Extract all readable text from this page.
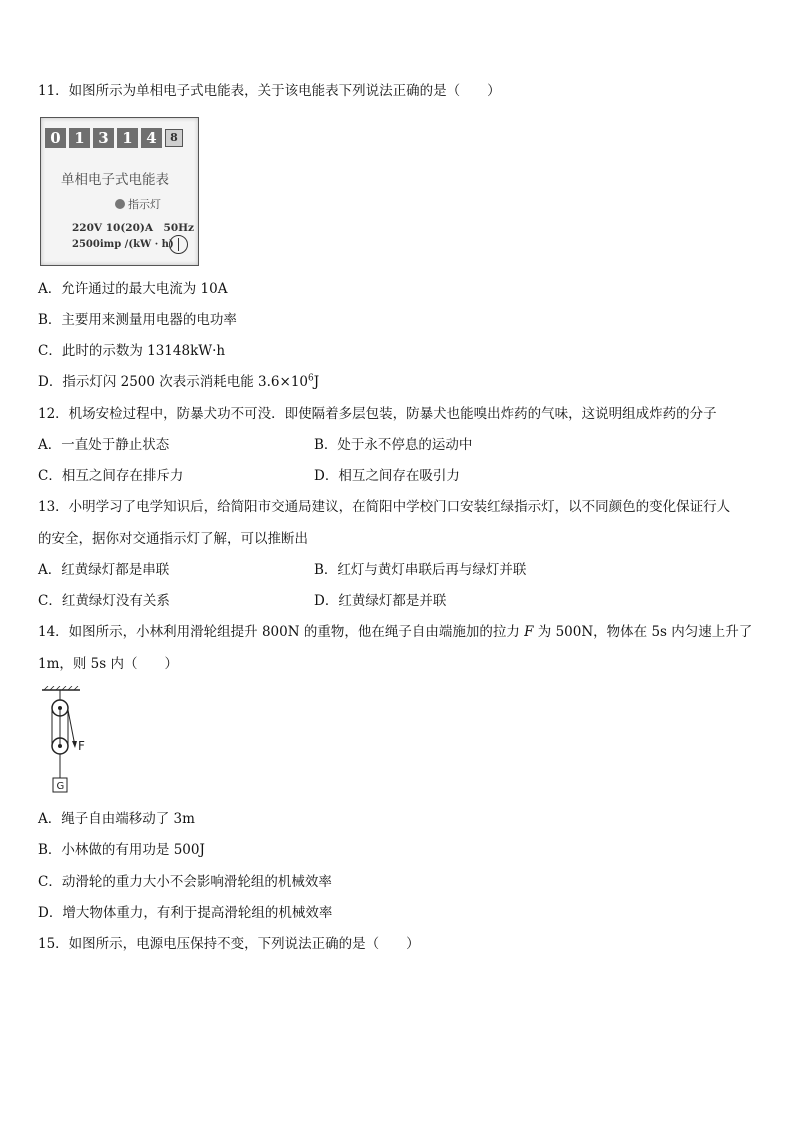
11．如图所示为单相电子式电能表，关于该电能表下列说法正确的是（　　）
0 1 3 1 4	8
单相电子式电能表
指示灯
220V 10(20)A　50Hz
2500imp /(kW · h)
A．允许通过的最大电流为 10A
B．主要用来测量用电器的电功率
C．此时的示数为 13148kW·h
D．指示灯闪 2500 次表示消耗电能 $3.6\times 10^6J$
12．机场安检过程中，防暴犬功不可没．即使隔着多层包装，防暴犬也能嗅出炸药的气味，这说明组成炸药的分子
A．一直处于静止状态	B．处于永不停息的运动中
C．相互之间存在排斥力	D．相互之间存在吸引力
13．小明学习了电学知识后，给简阳市交通局建议，在简阳中学校门口安装红绿指示灯，以不同颜色的变化保证行人
的安全，据你对交通指示灯了解，可以推断出
A．红黄绿灯都是串联	B．红灯与黄灯串联后再与绿灯并联
C．红黄绿灯没有关系	D．红黄绿灯都是并联
14．如图所示，小林利用滑轮组提升 800N 的重物，他在绳子自由端施加的拉力 F 为 500N，物体在 5s 内匀速上升了
1m，则 5s 内（　　）
F
G
A．绳子自由端移动了 3m
B．小林做的有用功是 500J
C．动滑轮的重力大小不会影响滑轮组的机械效率
D．增大物体重力，有利于提高滑轮组的机械效率
15．如图所示，电源电压保持不变，下列说法正确的是（　　）
